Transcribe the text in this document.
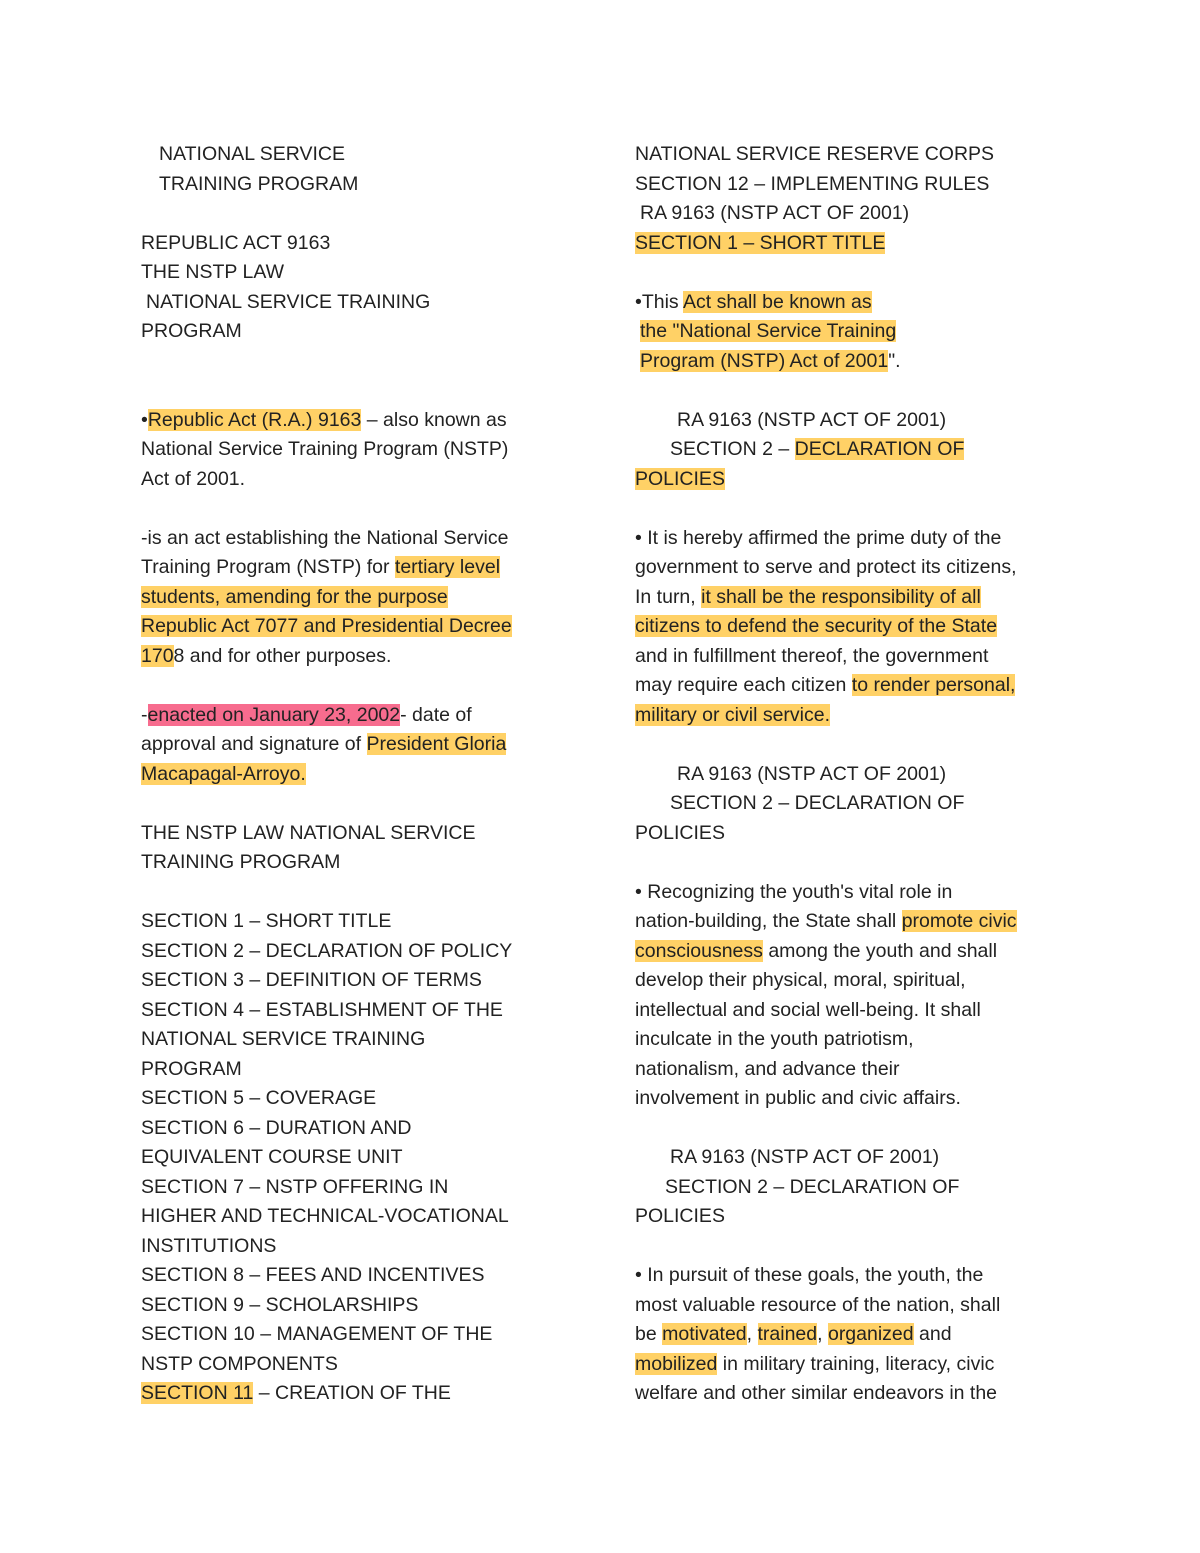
NATIONAL SERVICE
TRAINING PROGRAM
REPUBLIC ACT 9163
THE NSTP LAW
NATIONAL SERVICE TRAINING
PROGRAM
•Republic Act (R.A.) 9163 – also known as
National Service Training Program (NSTP)
Act of 2001.
-is an act establishing the National Service
Training Program (NSTP) for tertiary level
students, amending for the purpose
Republic Act 7077 and Presidential Decree
1708 and for other purposes.
-enacted on January 23, 2002- date of
approval and signature of President Gloria
Macapagal-Arroyo.
THE NSTP LAW NATIONAL SERVICE
TRAINING PROGRAM
SECTION 1 – SHORT TITLE
SECTION 2 – DECLARATION OF POLICY
SECTION 3 – DEFINITION OF TERMS
SECTION 4 – ESTABLISHMENT OF THE
NATIONAL SERVICE TRAINING
PROGRAM
SECTION 5 – COVERAGE
SECTION 6 – DURATION AND
EQUIVALENT COURSE UNIT
SECTION 7 – NSTP OFFERING IN
HIGHER AND TECHNICAL-VOCATIONAL
INSTITUTIONS
SECTION 8 – FEES AND INCENTIVES
SECTION 9 – SCHOLARSHIPS
SECTION 10 – MANAGEMENT OF THE
NSTP COMPONENTS
SECTION 11 – CREATION OF THE
NATIONAL SERVICE RESERVE CORPS
SECTION 12 – IMPLEMENTING RULES
RA 9163 (NSTP ACT OF 2001)
SECTION 1 – SHORT TITLE
•This Act shall be known as
the "National Service Training
Program (NSTP) Act of 2001".
RA 9163 (NSTP ACT OF 2001)
SECTION 2 – DECLARATION OF
POLICIES
• It is hereby affirmed the prime duty of the
government to serve and protect its citizens,
In turn, it shall be the responsibility of all
citizens to defend the security of the State
and in fulfillment thereof, the government
may require each citizen to render personal,
military or civil service.
RA 9163 (NSTP ACT OF 2001)
SECTION 2 – DECLARATION OF
POLICIES
• Recognizing the youth's vital role in
nation-building, the State shall promote civic
consciousness among the youth and shall
develop their physical, moral, spiritual,
intellectual and social well-being. It shall
inculcate in the youth patriotism,
nationalism, and advance their
involvement in public and civic affairs.
RA 9163 (NSTP ACT OF 2001)
SECTION 2 – DECLARATION OF
POLICIES
• In pursuit of these goals, the youth, the
most valuable resource of the nation, shall
be motivated, trained, organized and
mobilized in military training, literacy, civic
welfare and other similar endeavors in the
